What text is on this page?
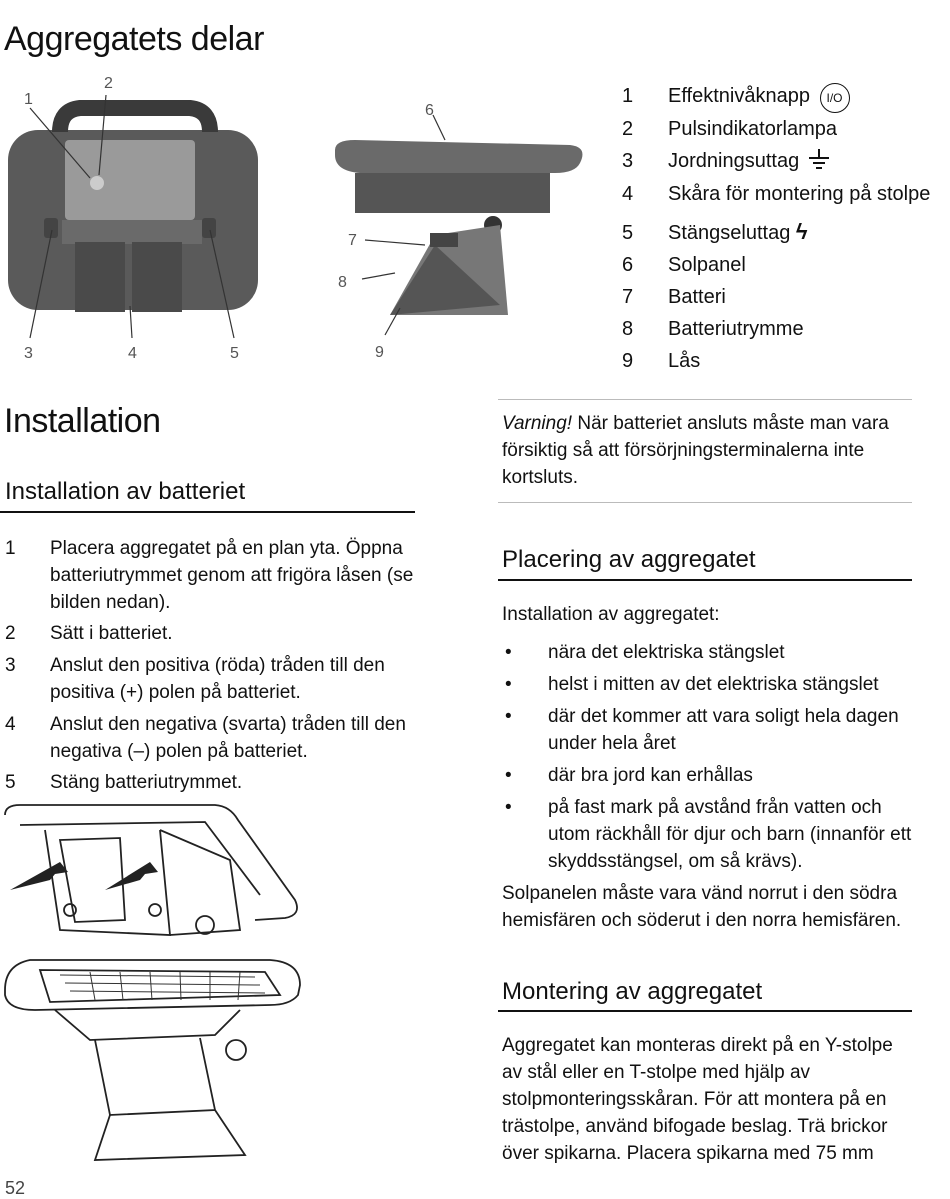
Aggregatets delar
1
2
3	4	5
6
7
8
9
1 Effektnivåknapp I/O
2 Pulsindikatorlampa
3 Jordningsuttag
4 Skåra för montering på stolpe
5 Stängseluttag ϟ
6 Solpanel
7 Batteri
8 Batteriutrymme
9 Lås
Installation
Installation av batteriet
1 Placera aggregatet på en plan yta. Öppna batteriutrymmet genom att frigöra låsen (se bilden nedan).
2 Sätt i batteriet.
3 Anslut den positiva (röda) tråden till den positiva (+) polen på batteriet.
4 Anslut den negativa (svarta) tråden till den negativa (–) polen på batteriet.
5 Stäng batteriutrymmet.
52
Varning! När batteriet ansluts måste man vara försiktig så att försörjningsterminalerna inte kortsluts.
Placering av aggregatet
Installation av aggregatet:
• nära det elektriska stängslet
• helst i mitten av det elektriska stängslet
• där det kommer att vara soligt hela dagen under hela året
• där bra jord kan erhållas
• på fast mark på avstånd från vatten och utom räckhåll för djur och barn (innanför ett skyddsstängsel, om så krävs).
Solpanelen måste vara vänd norrut i den södra hemisfären och söderut i den norra hemisfären.
Montering av aggregatet
Aggregatet kan monteras direkt på en Y-stolpe av stål eller en T-stolpe med hjälp av stolpmonteringsskåran. För att montera på en trästolpe, använd bifogade beslag. Trä brickor över spikarna. Placera spikarna med 75 mm
